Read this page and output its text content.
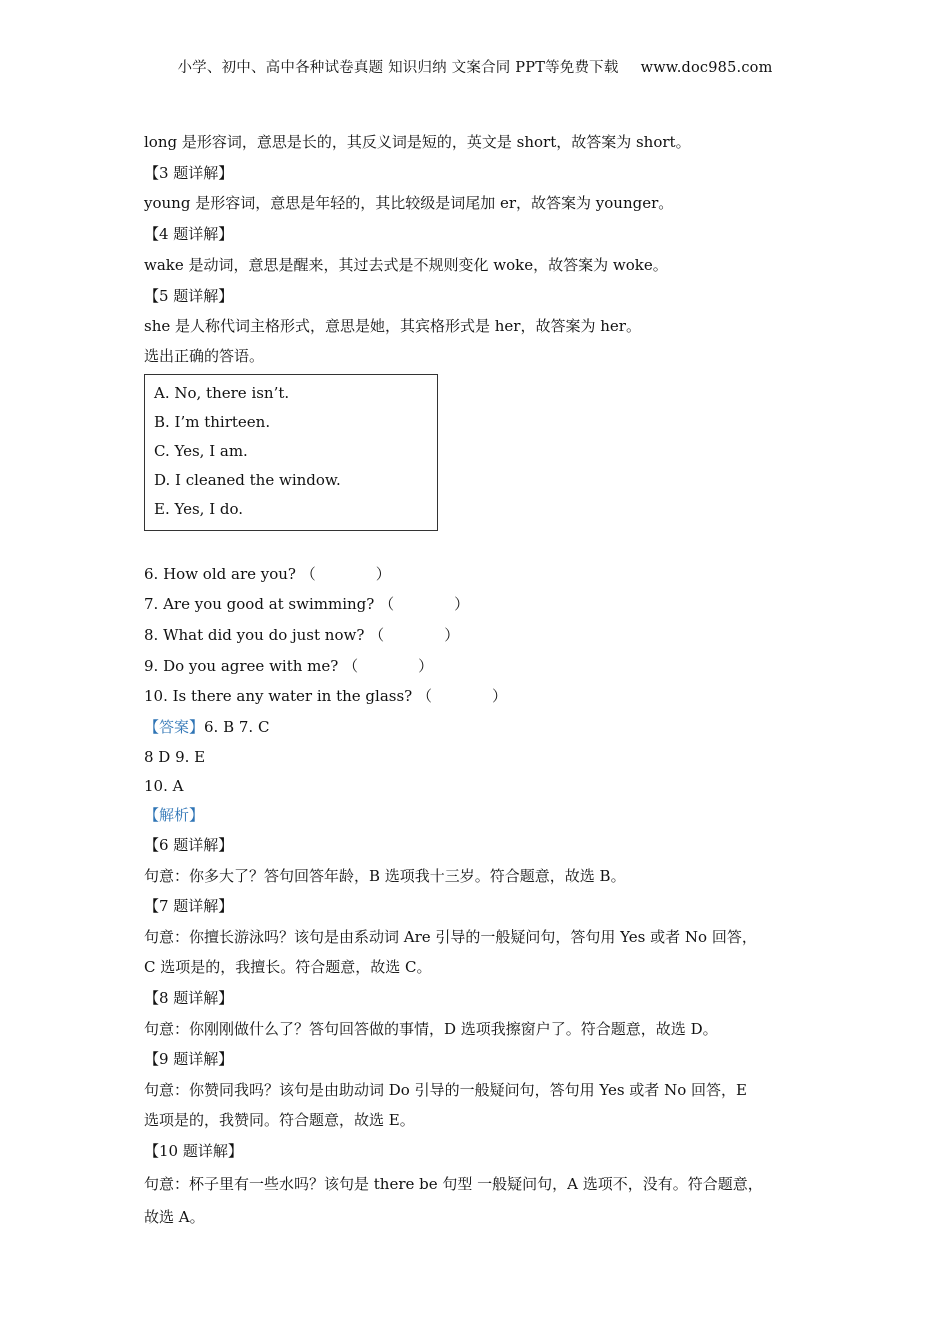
小学、初中、高中各种试卷真题 知识归纳 文案合同 PPT等免费下载 www.doc985.com
long 是形容词，意思是长的，其反义词是短的，英文是 short，故答案为 short。
【3 题详解】
young 是形容词，意思是年轻的，其比较级是词尾加 er，故答案为 younger。
【4 题详解】
wake 是动词，意思是醒来，其过去式是不规则变化 woke，故答案为 woke。
【5 题详解】
she 是人称代词主格形式，意思是她，其宾格形式是 her，故答案为 her。
选出正确的答语。
A. No, there isn’t.
B. I’m thirteen.
C. Yes, I am.
D. I cleaned the window.
E. Yes, I do.
6. How old are you? （	）
7. Are you good at swimming? （	）
8. What did you do just now? （	）
9. Do you agree with me? （	）
10. Is there any water in the glass? （	）
【答案】6. B 7. C
8 D 9. E
10. A
【解析】
【6 题详解】
句意：你多大了？答句回答年龄，B 选项我十三岁。符合题意，故选 B。
【7 题详解】
句意：你擅长游泳吗？该句是由系动词 Are 引导的一般疑问句，答句用 Yes 或者 No 回答，
C 选项是的，我擅长。符合题意，故选 C。
【8 题详解】
句意：你刚刚做什么了？答句回答做的事情，D 选项我擦窗户了。符合题意，故选 D。
【9 题详解】
句意：你赞同我吗？该句是由助动词 Do 引导的一般疑问句，答句用 Yes 或者 No 回答，E
选项是的，我赞同。符合题意，故选 E。
【10 题详解】
句意：杯子里有一些水吗？该句是 there be 句型 一般疑问句，A 选项不，没有。符合题意，
故选 A。
